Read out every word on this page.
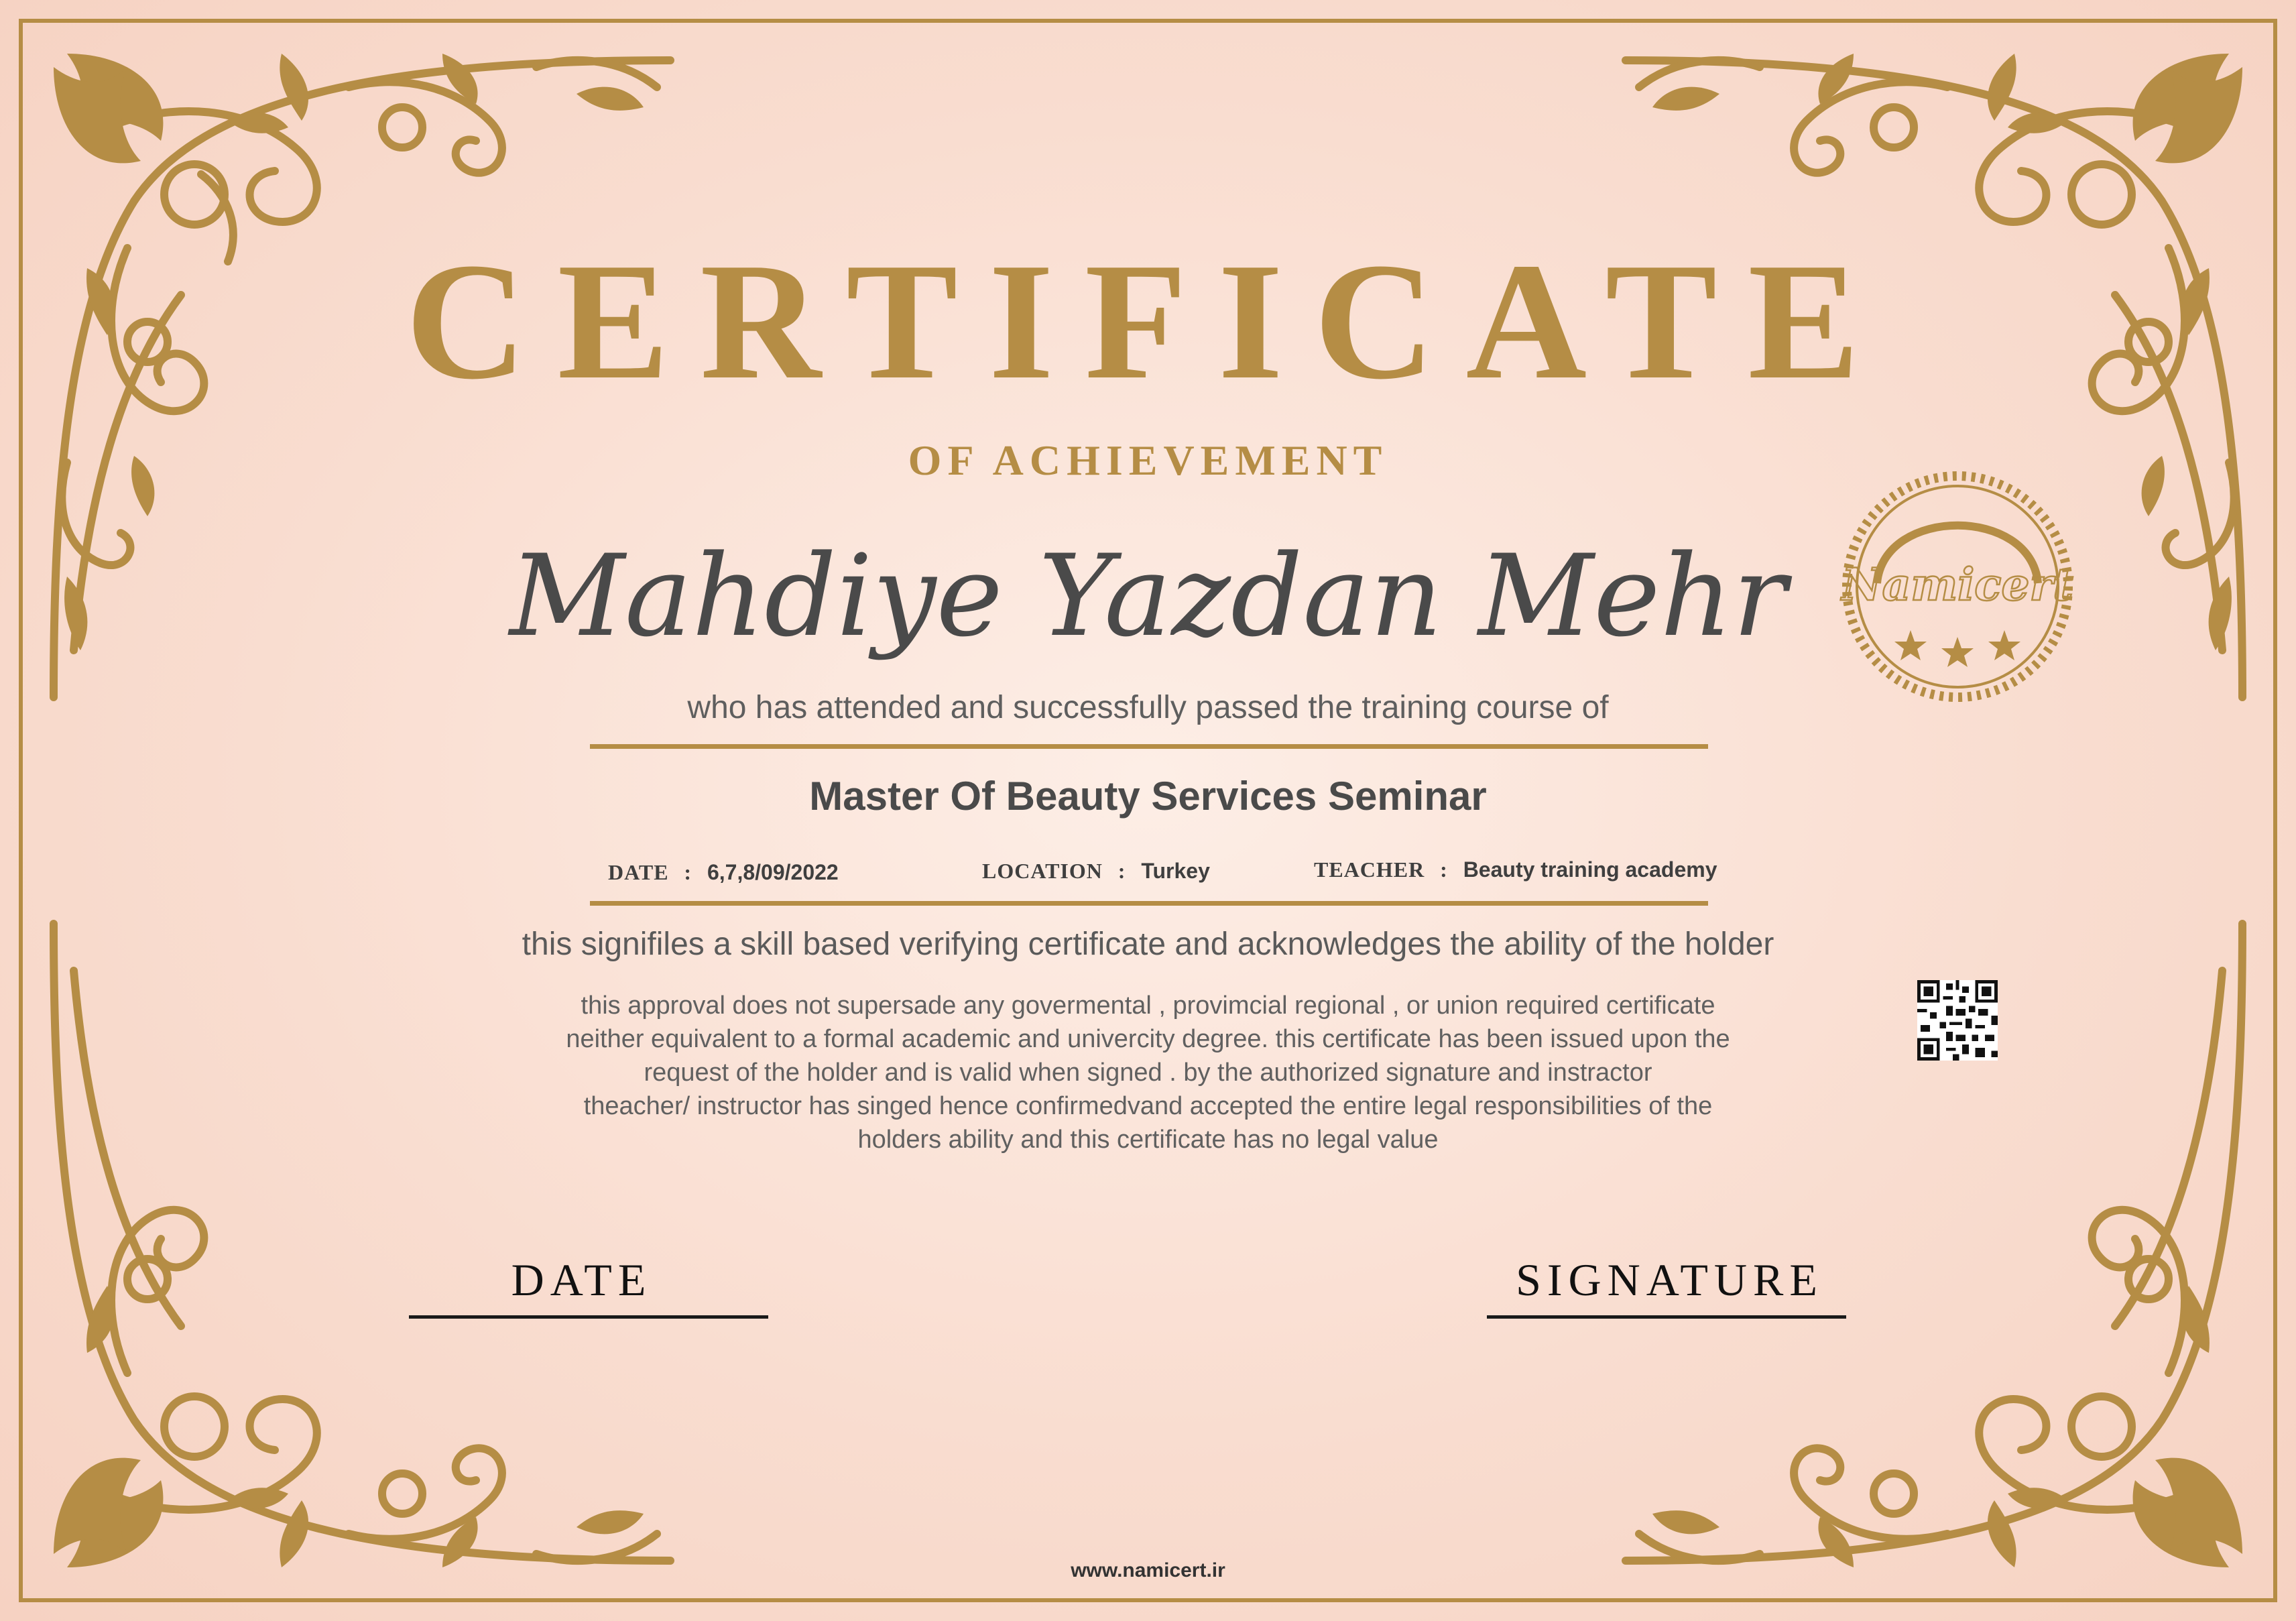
CERTIFICATE
OF ACHIEVEMENT
Mahdiye Yazdan Mehr
who has attended and successfully passed the training course of
Master Of Beauty Services Seminar
DATE : 6,7,8/09/2022	LOCATION : Turkey	TEACHER : Beauty training academy
this signifiles a skill based verifying certificate and acknowledges the ability of the holder
this approval does not supersade any govermental , provimcial regional , or union required certificate
neither equivalent to a formal academic and univercity degree. this certificate has been issued upon the
request of the holder and is valid when signed . by the authorized signature and instractor
theacher/ instructor has singed hence confirmedvand accepted the entire legal responsibilities of the
holders ability and this certificate has no legal value
Namicert
DATE	SIGNATURE
www.namicert.ir
